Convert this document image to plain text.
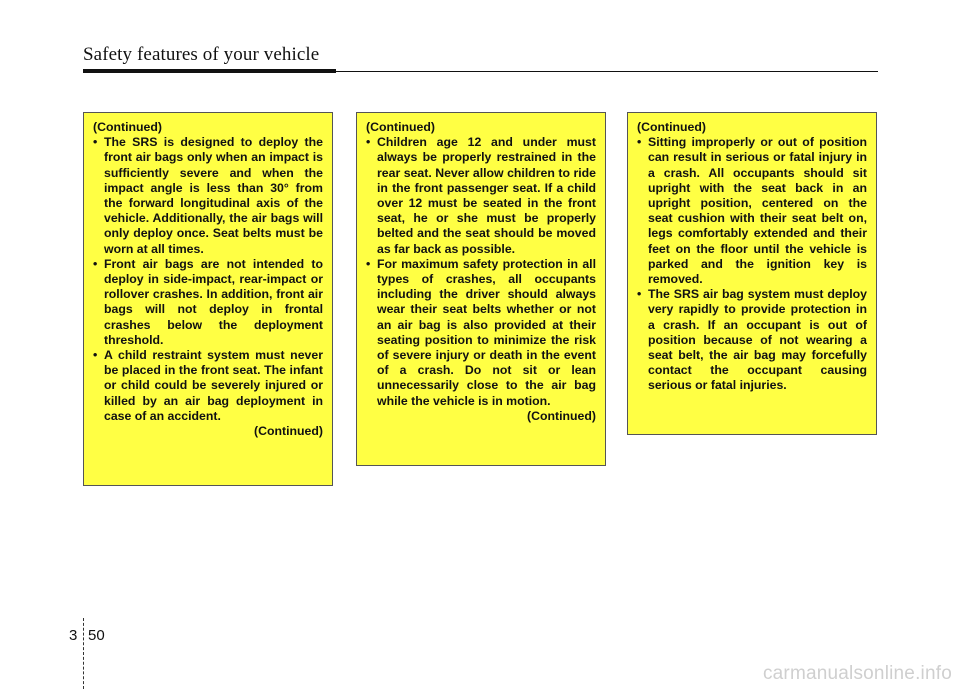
Safety features of your vehicle

(Continued)

• The SRS is designed to deploy the front air bags only when an impact is sufficiently severe and when the impact angle is less than 30° from the forward longitudinal axis of the vehicle. Additionally, the air bags will only deploy once. Seat belts must be worn at all times.
• Front air bags are not intended to deploy in side-impact, rear-impact or rollover crashes. In addition, front air bags will not deploy in frontal crashes below the deployment threshold.
• A child restraint system must never be placed in the front seat. The infant or child could be severely injured or killed by an air bag deployment in case of an accident.

(Continued)

(Continued)

• Children age 12 and under must always be properly restrained in the rear seat. Never allow children to ride in the front passenger seat. If a child over 12 must be seated in the front seat, he or she must be properly belted and the seat should be moved as far back as possible.
• For maximum safety protection in all types of crashes, all occupants including the driver should always wear their seat belts whether or not an air bag is also provided at their seating position to minimize the risk of severe injury or death in the event of a crash. Do not sit or lean unnecessarily close to the air bag while the vehicle is in motion.

(Continued)

(Continued)

• Sitting improperly or out of position can result in serious or fatal injury in a crash. All occupants should sit upright with the seat back in an upright position, centered on the seat cushion with their seat belt on, legs comfortably extended and their feet on the floor until the vehicle is parked and the ignition key is removed.
• The SRS air bag system must deploy very rapidly to provide protection in a crash. If an occupant is out of position because of not wearing a seat belt, the air bag may forcefully contact the occupant causing serious or fatal injuries.
3 50
carmanualsonline.info
